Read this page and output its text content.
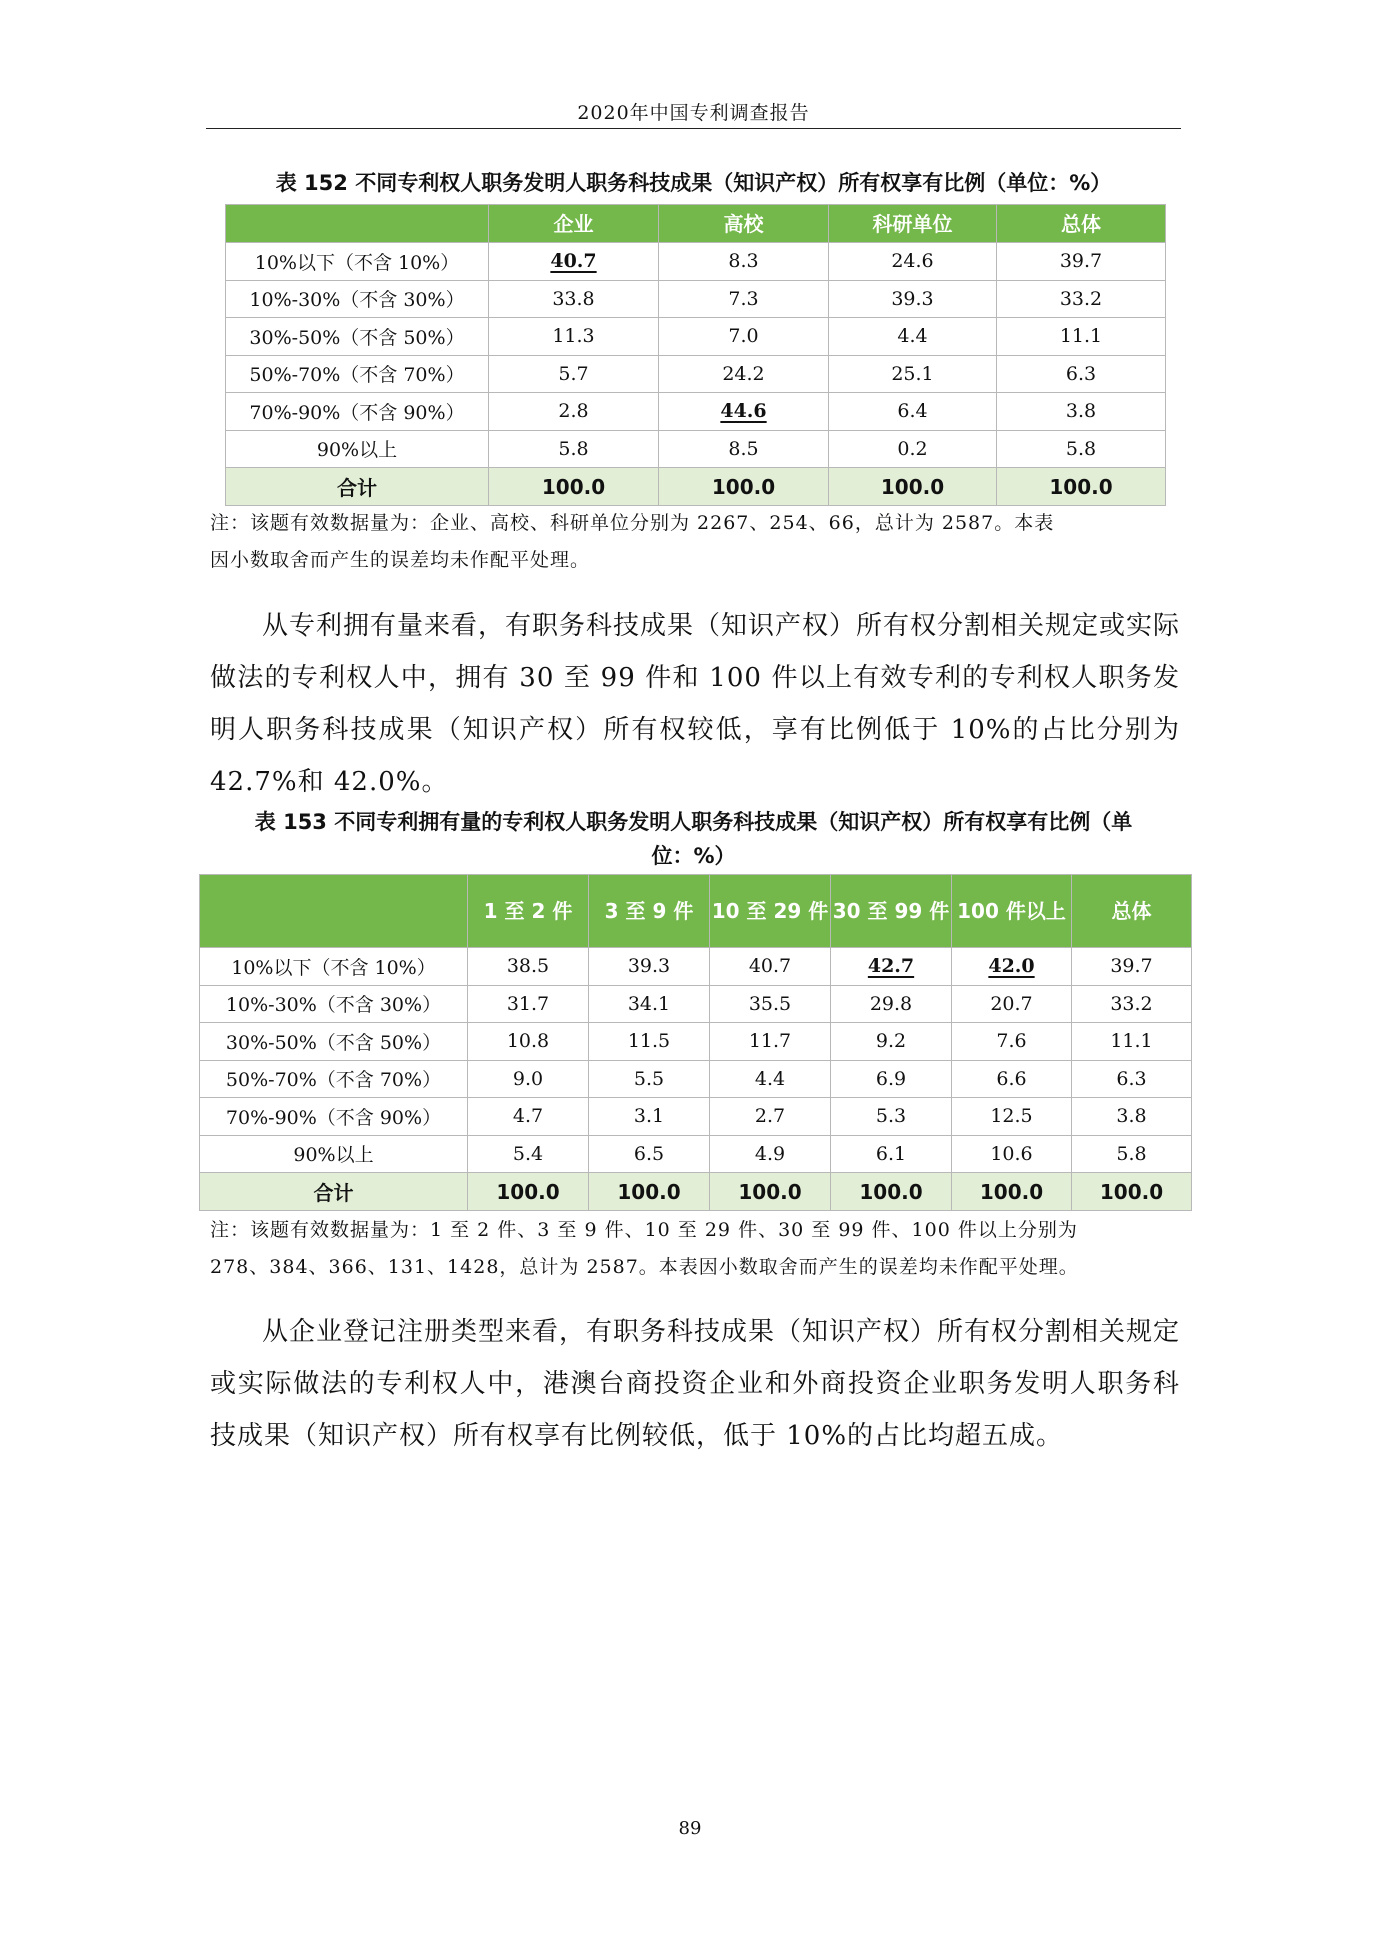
2020年中国专利调查报告
表 152 不同专利权人职务发明人职务科技成果（知识产权）所有权享有比例（单位：%）
	企业	高校	科研单位	总体
10%以下（不含 10%）	40.7	8.3	24.6	39.7
10%-30%（不含 30%）	33.8	7.3	39.3	33.2
30%-50%（不含 50%）	11.3	7.0	4.4	11.1
50%-70%（不含 70%）	5.7	24.2	25.1	6.3
70%-90%（不含 90%）	2.8	44.6	6.4	3.8
90%以上	5.8	8.5	0.2	5.8
合计	100.0	100.0	100.0	100.0
注：该题有效数据量为：企业、高校、科研单位分别为 2267、254、66，总计为 2587。本表
因小数取舍而产生的误差均未作配平处理。
从专利拥有量来看，有职务科技成果（知识产权）所有权分割相关规定或实际做法的专利权人中，拥有 30 至 99 件和 100 件以上有效专利的专利权人职务发明人职务科技成果（知识产权）所有权较低，享有比例低于 10%的占比分别为 42.7%和 42.0%。
表 153 不同专利拥有量的专利权人职务发明人职务科技成果（知识产权）所有权享有比例（单
位：%）
	1 至 2 件	3 至 9 件	10 至 29 件	30 至 99 件	100 件以上	总体
10%以下（不含 10%）	38.5	39.3	40.7	42.7	42.0	39.7
10%-30%（不含 30%）	31.7	34.1	35.5	29.8	20.7	33.2
30%-50%（不含 50%）	10.8	11.5	11.7	9.2	7.6	11.1
50%-70%（不含 70%）	9.0	5.5	4.4	6.9	6.6	6.3
70%-90%（不含 90%）	4.7	3.1	2.7	5.3	12.5	3.8
90%以上	5.4	6.5	4.9	6.1	10.6	5.8
合计	100.0	100.0	100.0	100.0	100.0	100.0
注：该题有效数据量为：1 至 2 件、3 至 9 件、10 至 29 件、30 至 99 件、100 件以上分别为
278、384、366、131、1428，总计为 2587。本表因小数取舍而产生的误差均未作配平处理。
从企业登记注册类型来看，有职务科技成果（知识产权）所有权分割相关规定或实际做法的专利权人中，港澳台商投资企业和外商投资企业职务发明人职务科技成果（知识产权）所有权享有比例较低，低于 10%的占比均超五成。
89
